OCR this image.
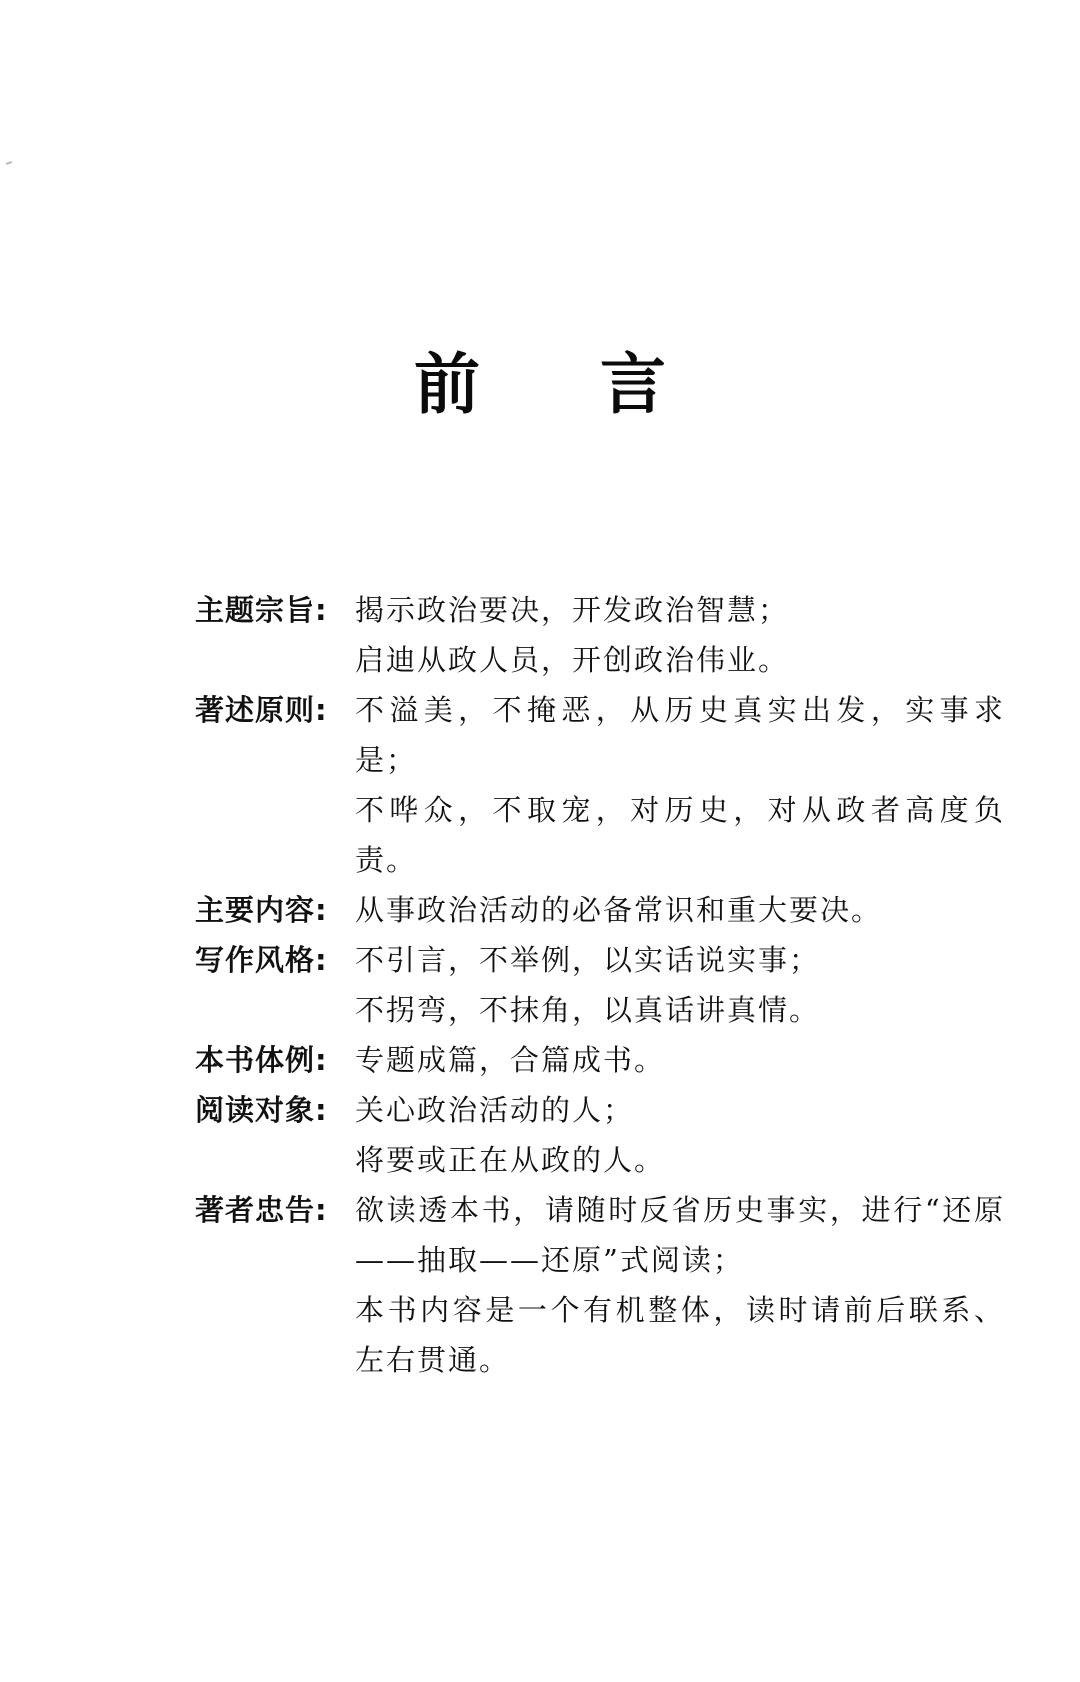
前言
主题宗旨: 揭示政治要决，开发政治智慧；
启迪从政人员，开创政治伟业。
著述原则: 不溢美，不掩恶，从历史真实出发，实事求是；
不哗众，不取宠，对历史，对从政者高度负责。
主要内容: 从事政治活动的必备常识和重大要决。
写作风格: 不引言，不举例，以实话说实事；
不拐弯，不抹角，以真话讲真情。
本书体例: 专题成篇，合篇成书。
阅读对象: 关心政治活动的人；
将要或正在从政的人。
著者忠告: 欲读透本书，请随时反省历史事实，进行“还原——抽取——还原”式阅读；
本书内容是一个有机整体，读时请前后联系、左右贯通。
